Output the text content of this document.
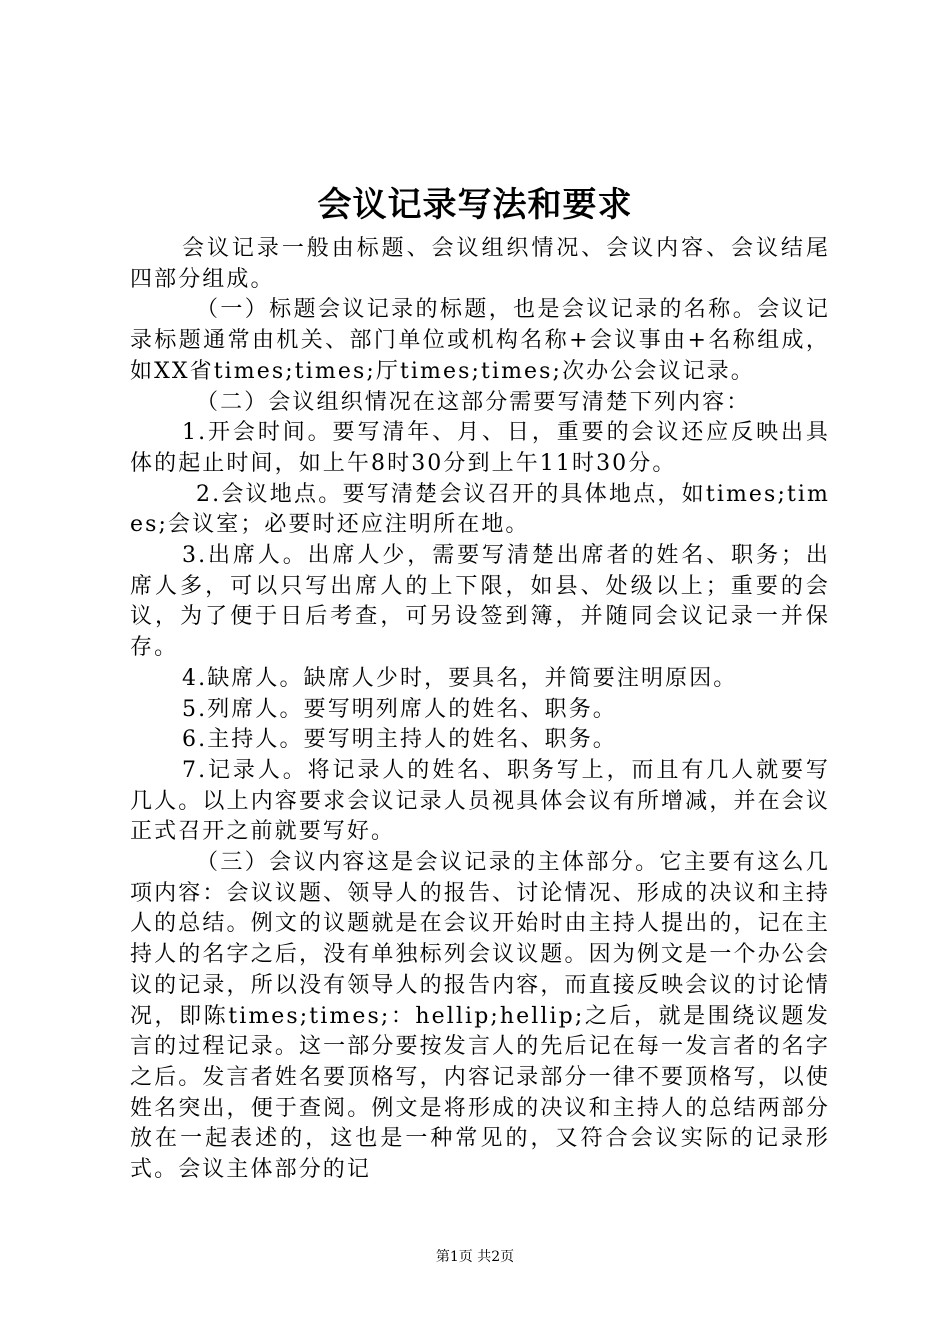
会议记录写法和要求

会议记录一般由标题、会议组织情况、会议内容、会议结尾四部分组成。

（一）标题会议记录的标题，也是会议记录的名称。会议记录标题通常由机关、部门单位或机构名称+会议事由+名称组成，如XX省times;times;厅times;times;次办公会议记录。

（二）会议组织情况在这部分需要写清楚下列内容：

1.开会时间。要写清年、月、日，重要的会议还应反映出具体的起止时间，如上午8时30分到上午11时30分。

2.会议地点。要写清楚会议召开的具体地点，如times;times;会议室；必要时还应注明所在地。

3.出席人。出席人少，需要写清楚出席者的姓名、职务；出席人多，可以只写出席人的上下限，如县、处级以上；重要的会议，为了便于日后考查，可另设签到簿，并随同会议记录一并保存。

4.缺席人。缺席人少时，要具名，并简要注明原因。

5.列席人。要写明列席人的姓名、职务。

6.主持人。要写明主持人的姓名、职务。

7.记录人。将记录人的姓名、职务写上，而且有几人就要写几人。以上内容要求会议记录人员视具体会议有所增减，并在会议正式召开之前就要写好。

（三）会议内容这是会议记录的主体部分。它主要有这么几项内容：会议议题、领导人的报告、讨论情况、形成的决议和主持人的总结。例文的议题就是在会议开始时由主持人提出的，记在主持人的名字之后，没有单独标列会议议题。因为例文是一个办公会议的记录，所以没有领导人的报告内容，而直接反映会议的讨论情况，即陈times;times;：hellip;hellip;之后，就是围绕议题发言的过程记录。这一部分要按发言人的先后记在每一发言者的名字之后。发言者姓名要顶格写，内容记录部分一律不要顶格写，以使姓名突出，便于查阅。例文是将形成的决议和主持人的总结两部分放在一起表述的，这也是一种常见的，又符合会议实际的记录形式。会议主体部分的记

第1页 共2页
